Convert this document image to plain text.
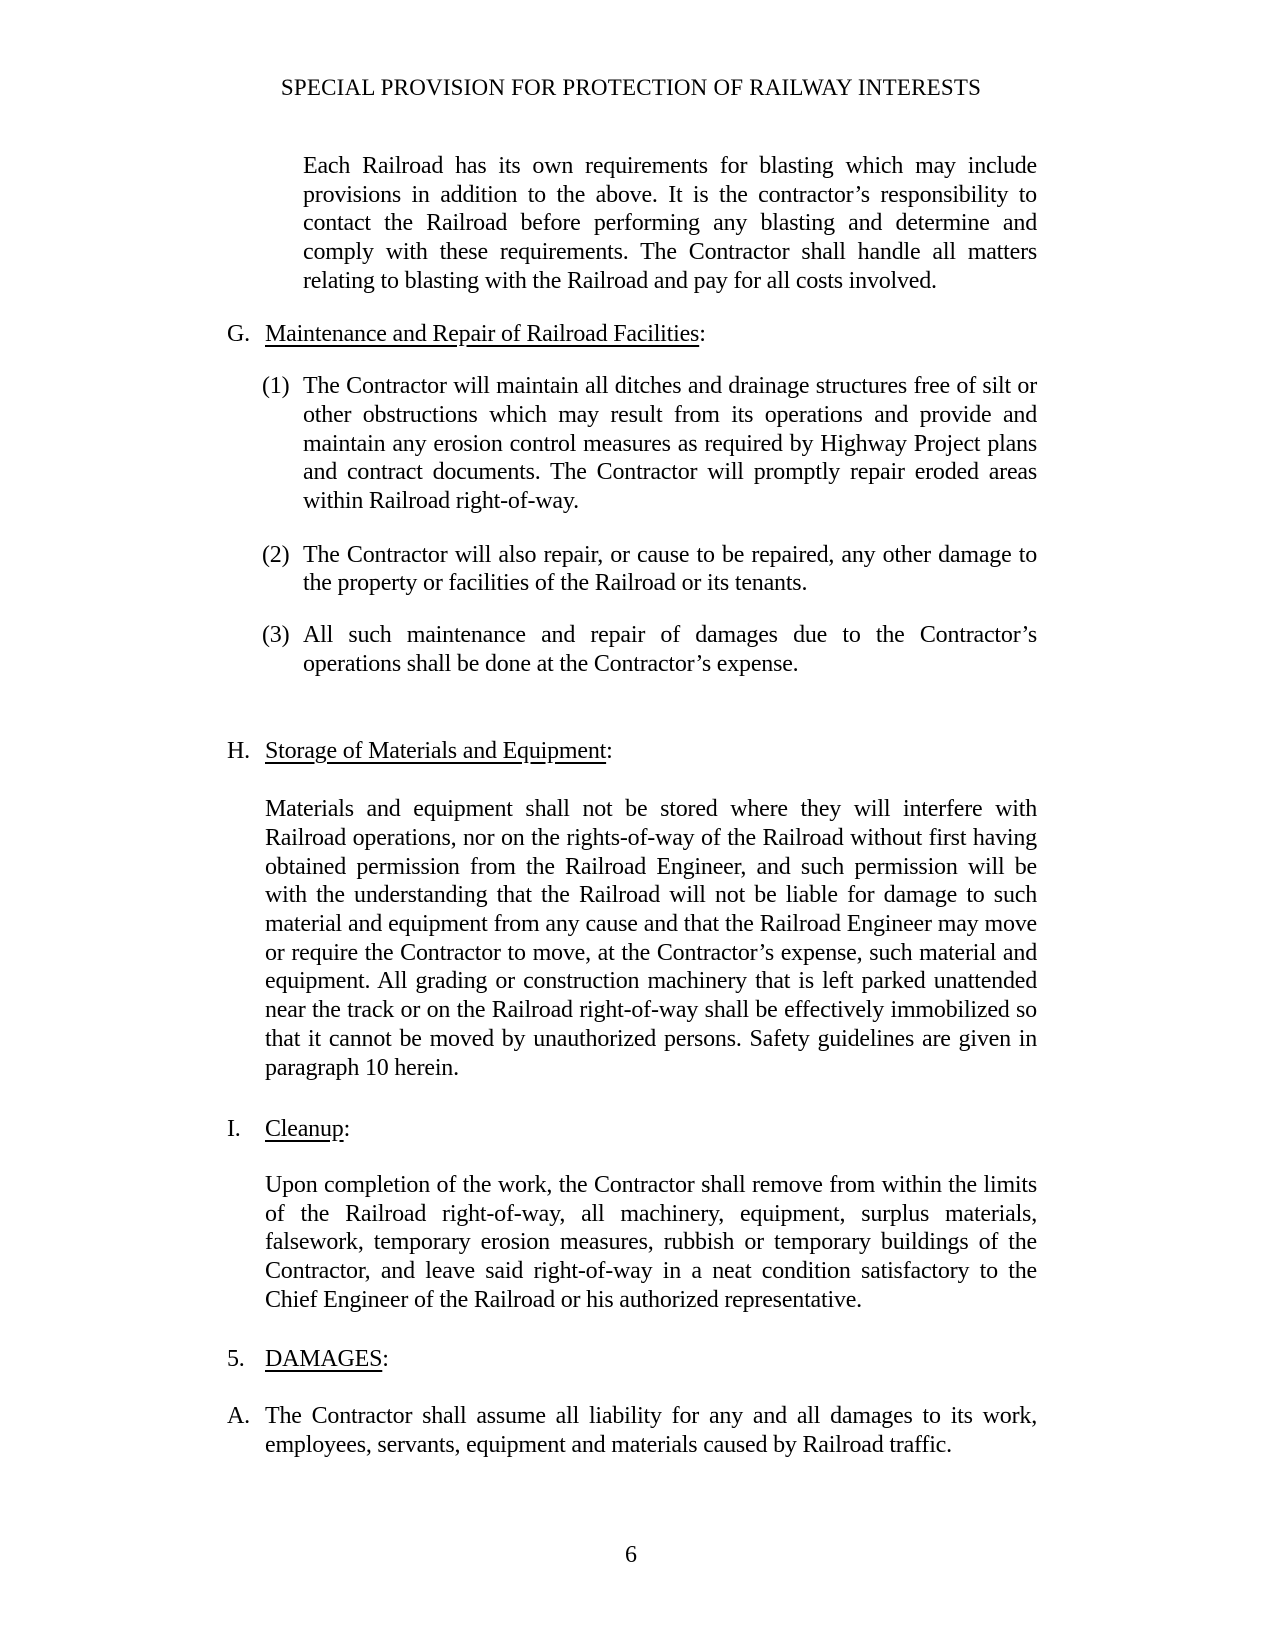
SPECIAL PROVISION FOR PROTECTION OF RAILWAY INTERESTS
Each Railroad has its own requirements for blasting which may include provisions in addition to the above. It is the contractor’s responsibility to contact the Railroad before performing any blasting and determine and comply with these requirements. The Contractor shall handle all matters relating to blasting with the Railroad and pay for all costs involved.
G. Maintenance and Repair of Railroad Facilities:
(1) The Contractor will maintain all ditches and drainage structures free of silt or other obstructions which may result from its operations and provide and maintain any erosion control measures as required by Highway Project plans and contract documents. The Contractor will promptly repair eroded areas within Railroad right-of-way.
(2) The Contractor will also repair, or cause to be repaired, any other damage to the property or facilities of the Railroad or its tenants.
(3) All such maintenance and repair of damages due to the Contractor’s operations shall be done at the Contractor’s expense.
H. Storage of Materials and Equipment:
Materials and equipment shall not be stored where they will interfere with Railroad operations, nor on the rights-of-way of the Railroad without first having obtained permission from the Railroad Engineer, and such permission will be with the understanding that the Railroad will not be liable for damage to such material and equipment from any cause and that the Railroad Engineer may move or require the Contractor to move, at the Contractor’s expense, such material and equipment. All grading or construction machinery that is left parked unattended near the track or on the Railroad right-of-way shall be effectively immobilized so that it cannot be moved by unauthorized persons. Safety guidelines are given in paragraph 10 herein.
I. Cleanup:
Upon completion of the work, the Contractor shall remove from within the limits of the Railroad right-of-way, all machinery, equipment, surplus materials, falsework, temporary erosion measures, rubbish or temporary buildings of the Contractor, and leave said right-of-way in a neat condition satisfactory to the Chief Engineer of the Railroad or his authorized representative.
5. DAMAGES:
A. The Contractor shall assume all liability for any and all damages to its work, employees, servants, equipment and materials caused by Railroad traffic.
6
